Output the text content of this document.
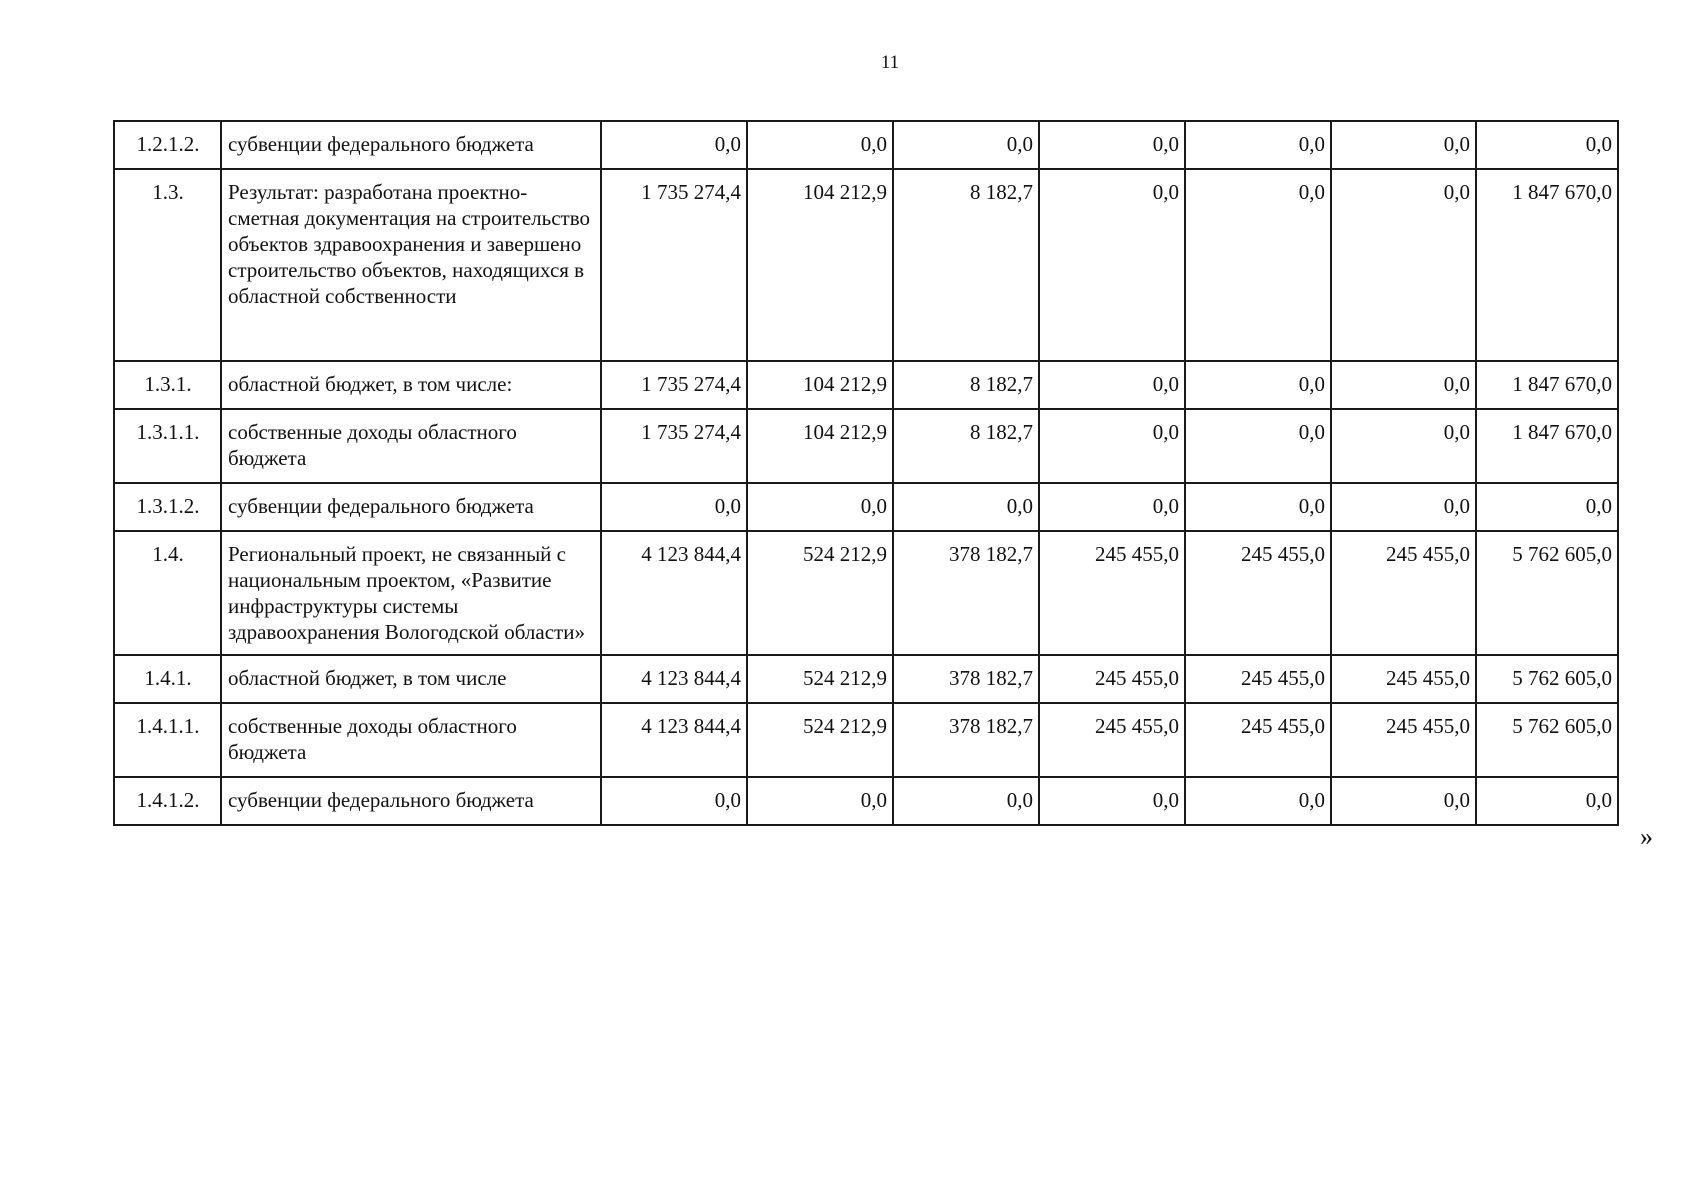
11
1.2.1.2.	субвенции федерального бюджета	0,0	0,0	0,0	0,0	0,0	0,0	0,0
1.3.	Результат: разработана проектно-сметная документация на строительство объектов здравоохранения и завершено строительство объектов, находящихся в областной собственности	1 735 274,4	104 212,9	8 182,7	0,0	0,0	0,0	1 847 670,0
1.3.1.	областной бюджет, в том числе:	1 735 274,4	104 212,9	8 182,7	0,0	0,0	0,0	1 847 670,0
1.3.1.1.	собственные доходы областного бюджета	1 735 274,4	104 212,9	8 182,7	0,0	0,0	0,0	1 847 670,0
1.3.1.2.	субвенции федерального бюджета	0,0	0,0	0,0	0,0	0,0	0,0	0,0
1.4.	Региональный проект, не связанный с национальным проектом, «Развитие инфраструктуры системы здравоохранения Вологодской области»	4 123 844,4	524 212,9	378 182,7	245 455,0	245 455,0	245 455,0	5 762 605,0
1.4.1.	областной бюджет, в том числе	4 123 844,4	524 212,9	378 182,7	245 455,0	245 455,0	245 455,0	5 762 605,0
1.4.1.1.	собственные доходы областного бюджета	4 123 844,4	524 212,9	378 182,7	245 455,0	245 455,0	245 455,0	5 762 605,0
1.4.1.2.	субвенции федерального бюджета	0,0	0,0	0,0	0,0	0,0	0,0	0,0
»
